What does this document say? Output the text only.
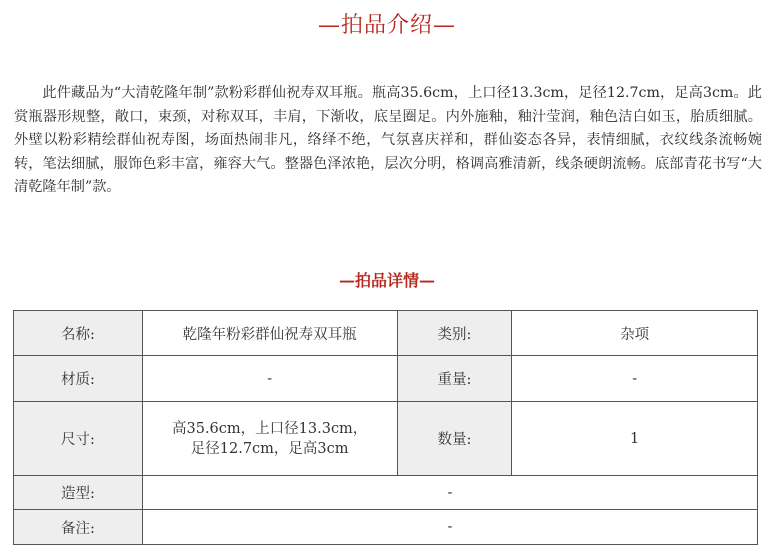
—拍品介绍—

此件藏品为“大清乾隆年制”款粉彩群仙祝寿双耳瓶。瓶高35.6cm，上口径13.3cm，足径12.7cm，足高3cm。此赏瓶器形规整，敞口，束颈，对称双耳，丰肩，下渐收，底呈圈足。内外施釉，釉汁莹润，釉色洁白如玉，胎质细腻。外壁以粉彩精绘群仙祝寿图，场面热闹非凡，络绎不绝，气氛喜庆祥和，群仙姿态各异，表情细腻，衣纹线条流畅婉转，笔法细腻，服饰色彩丰富，雍容大气。整器色泽浓艳，层次分明，格调高雅清新，线条硬朗流畅。底部青花书写“大清乾隆年制”款。

—拍品详情—
名称:	乾隆年粉彩群仙祝寿双耳瓶	类别:	杂项
材质:	-	重量:	-
尺寸:	高35.6cm，上口径13.3cm，
足径12.7cm，足高3cm	数量:	1
造型:	-		
备注:	-		
